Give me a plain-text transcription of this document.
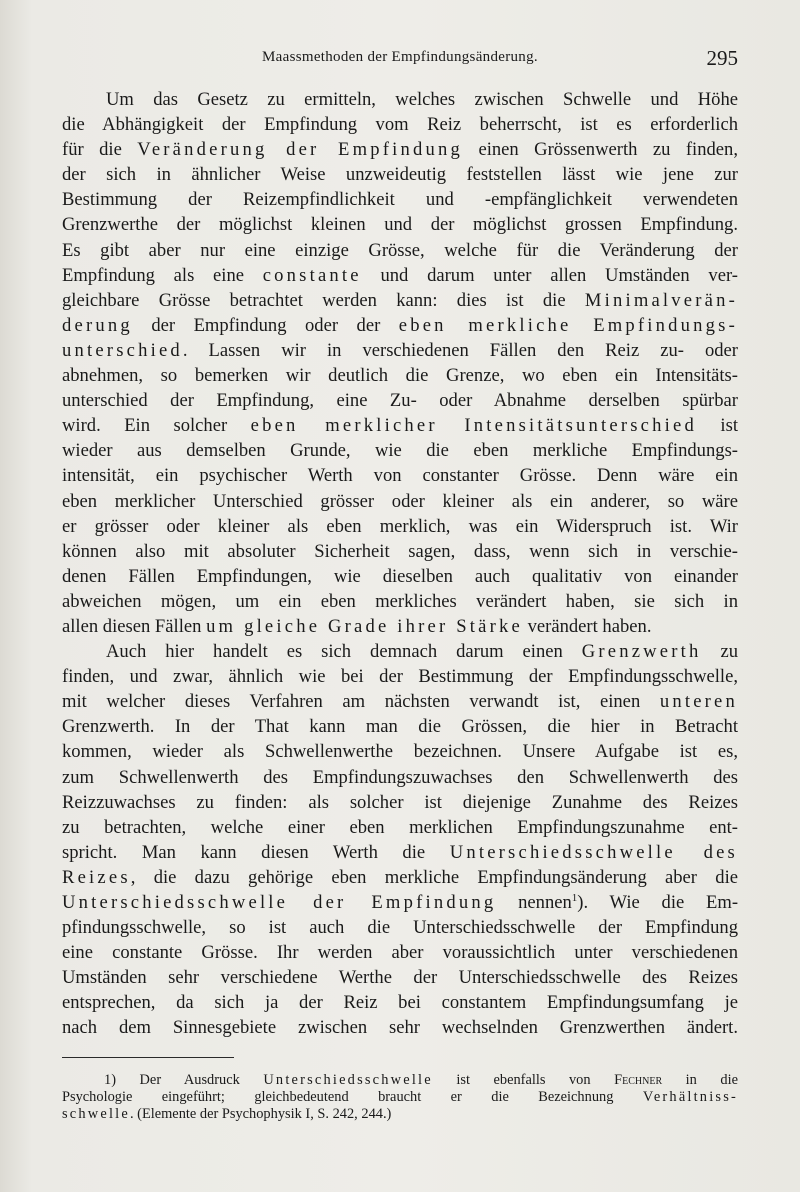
Maassmethoden der Empfindungsänderung.	295
Um das Gesetz zu ermitteln, welches zwischen Schwelle und Höhe
die Abhängigkeit der Empfindung vom Reiz beherrscht, ist es erforderlich
für die Veränderung der Empfindung einen Grössenwerth zu finden,
der sich in ähnlicher Weise unzweideutig feststellen lässt wie jene zur
Bestimmung der Reizempfindlichkeit und -empfänglichkeit verwendeten
Grenzwerthe der möglichst kleinen und der möglichst grossen Empfindung.
Es gibt aber nur eine einzige Grösse, welche für die Veränderung der
Empfindung als eine constante und darum unter allen Umständen ver-
gleichbare Grösse betrachtet werden kann: dies ist die Minimalverän-
derung der Empfindung oder der eben merkliche Empfindungs-
unterschied. Lassen wir in verschiedenen Fällen den Reiz zu- oder
abnehmen, so bemerken wir deutlich die Grenze, wo eben ein Intensitäts-
unterschied der Empfindung, eine Zu- oder Abnahme derselben spürbar
wird. Ein solcher eben merklicher Intensitätsunterschied ist
wieder aus demselben Grunde, wie die eben merkliche Empfindungs-
intensität, ein psychischer Werth von constanter Grösse. Denn wäre ein
eben merklicher Unterschied grösser oder kleiner als ein anderer, so wäre
er grösser oder kleiner als eben merklich, was ein Widerspruch ist. Wir
können also mit absoluter Sicherheit sagen, dass, wenn sich in verschie-
denen Fällen Empfindungen, wie dieselben auch qualitativ von einander
abweichen mögen, um ein eben merkliches verändert haben, sie sich in
allen diesen Fällen um gleiche Grade ihrer Stärke verändert haben.
Auch hier handelt es sich demnach darum einen Grenzwerth zu
finden, und zwar, ähnlich wie bei der Bestimmung der Empfindungsschwelle,
mit welcher dieses Verfahren am nächsten verwandt ist, einen unteren
Grenzwerth. In der That kann man die Grössen, die hier in Betracht
kommen, wieder als Schwellenwerthe bezeichnen. Unsere Aufgabe ist es,
zum Schwellenwerth des Empfindungszuwachses den Schwellenwerth des
Reizzuwachses zu finden: als solcher ist diejenige Zunahme des Reizes
zu betrachten, welche einer eben merklichen Empfindungszunahme ent-
spricht. Man kann diesen Werth die Unterschiedsschwelle des
Reizes, die dazu gehörige eben merkliche Empfindungsänderung aber die
Unterschiedsschwelle der Empfindung nennen$^1$). Wie die Em-
pfindungsschwelle, so ist auch die Unterschiedsschwelle der Empfindung
eine constante Grösse. Ihr werden aber voraussichtlich unter verschiedenen
Umständen sehr verschiedene Werthe der Unterschiedsschwelle des Reizes
entsprechen, da sich ja der Reiz bei constantem Empfindungsumfang je
nach dem Sinnesgebiete zwischen sehr wechselnden Grenzwerthen ändert.
1) Der Ausdruck Unterschiedsschwelle ist ebenfalls von Fechner in die
Psychologie eingeführt; gleichbedeutend braucht er die Bezeichnung Verhältniss-
schwelle. (Elemente der Psychophysik I, S. 242, 244.)
